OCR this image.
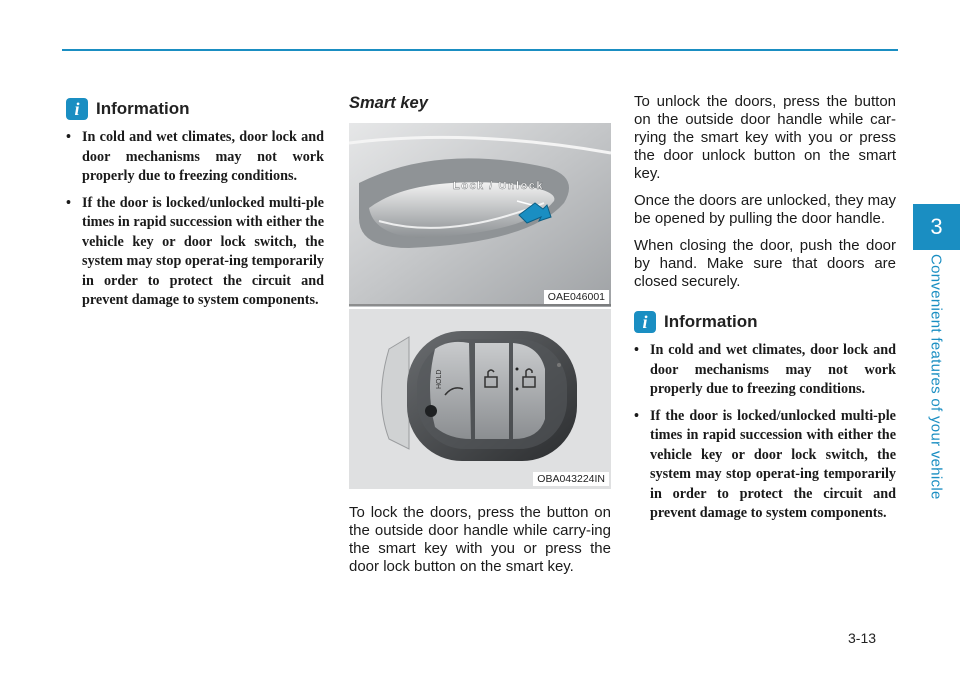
3
Convenient features of your vehicle
i Information
• In cold and wet climates, door lock and door mechanisms may not work properly due to freezing conditions.
• If the door is locked/unlocked multi-ple times in rapid succession with either the vehicle key or door lock switch, the system may stop operat-ing temporarily in order to protect the circuit and prevent damage to system components.
Smart key
Lock / Unlock
OAE046001
HOLD
OBA043224IN

To lock the doors, press the button on the outside door handle while carry-ing the smart key with you or press the door lock button on the smart key.

To unlock the doors, press the button on the outside door handle while car-rying the smart key with you or press the door unlock button on the smart key.

Once the doors are unlocked, they may be opened by pulling the door handle.

When closing the door, push the door by hand. Make sure that doors are closed securely.

i Information
• In cold and wet climates, door lock and door mechanisms may not work properly due to freezing conditions.
• If the door is locked/unlocked multi-ple times in rapid succession with either the vehicle key or door lock switch, the system may stop operat-ing temporarily in order to protect the circuit and prevent damage to system components.
3-13
